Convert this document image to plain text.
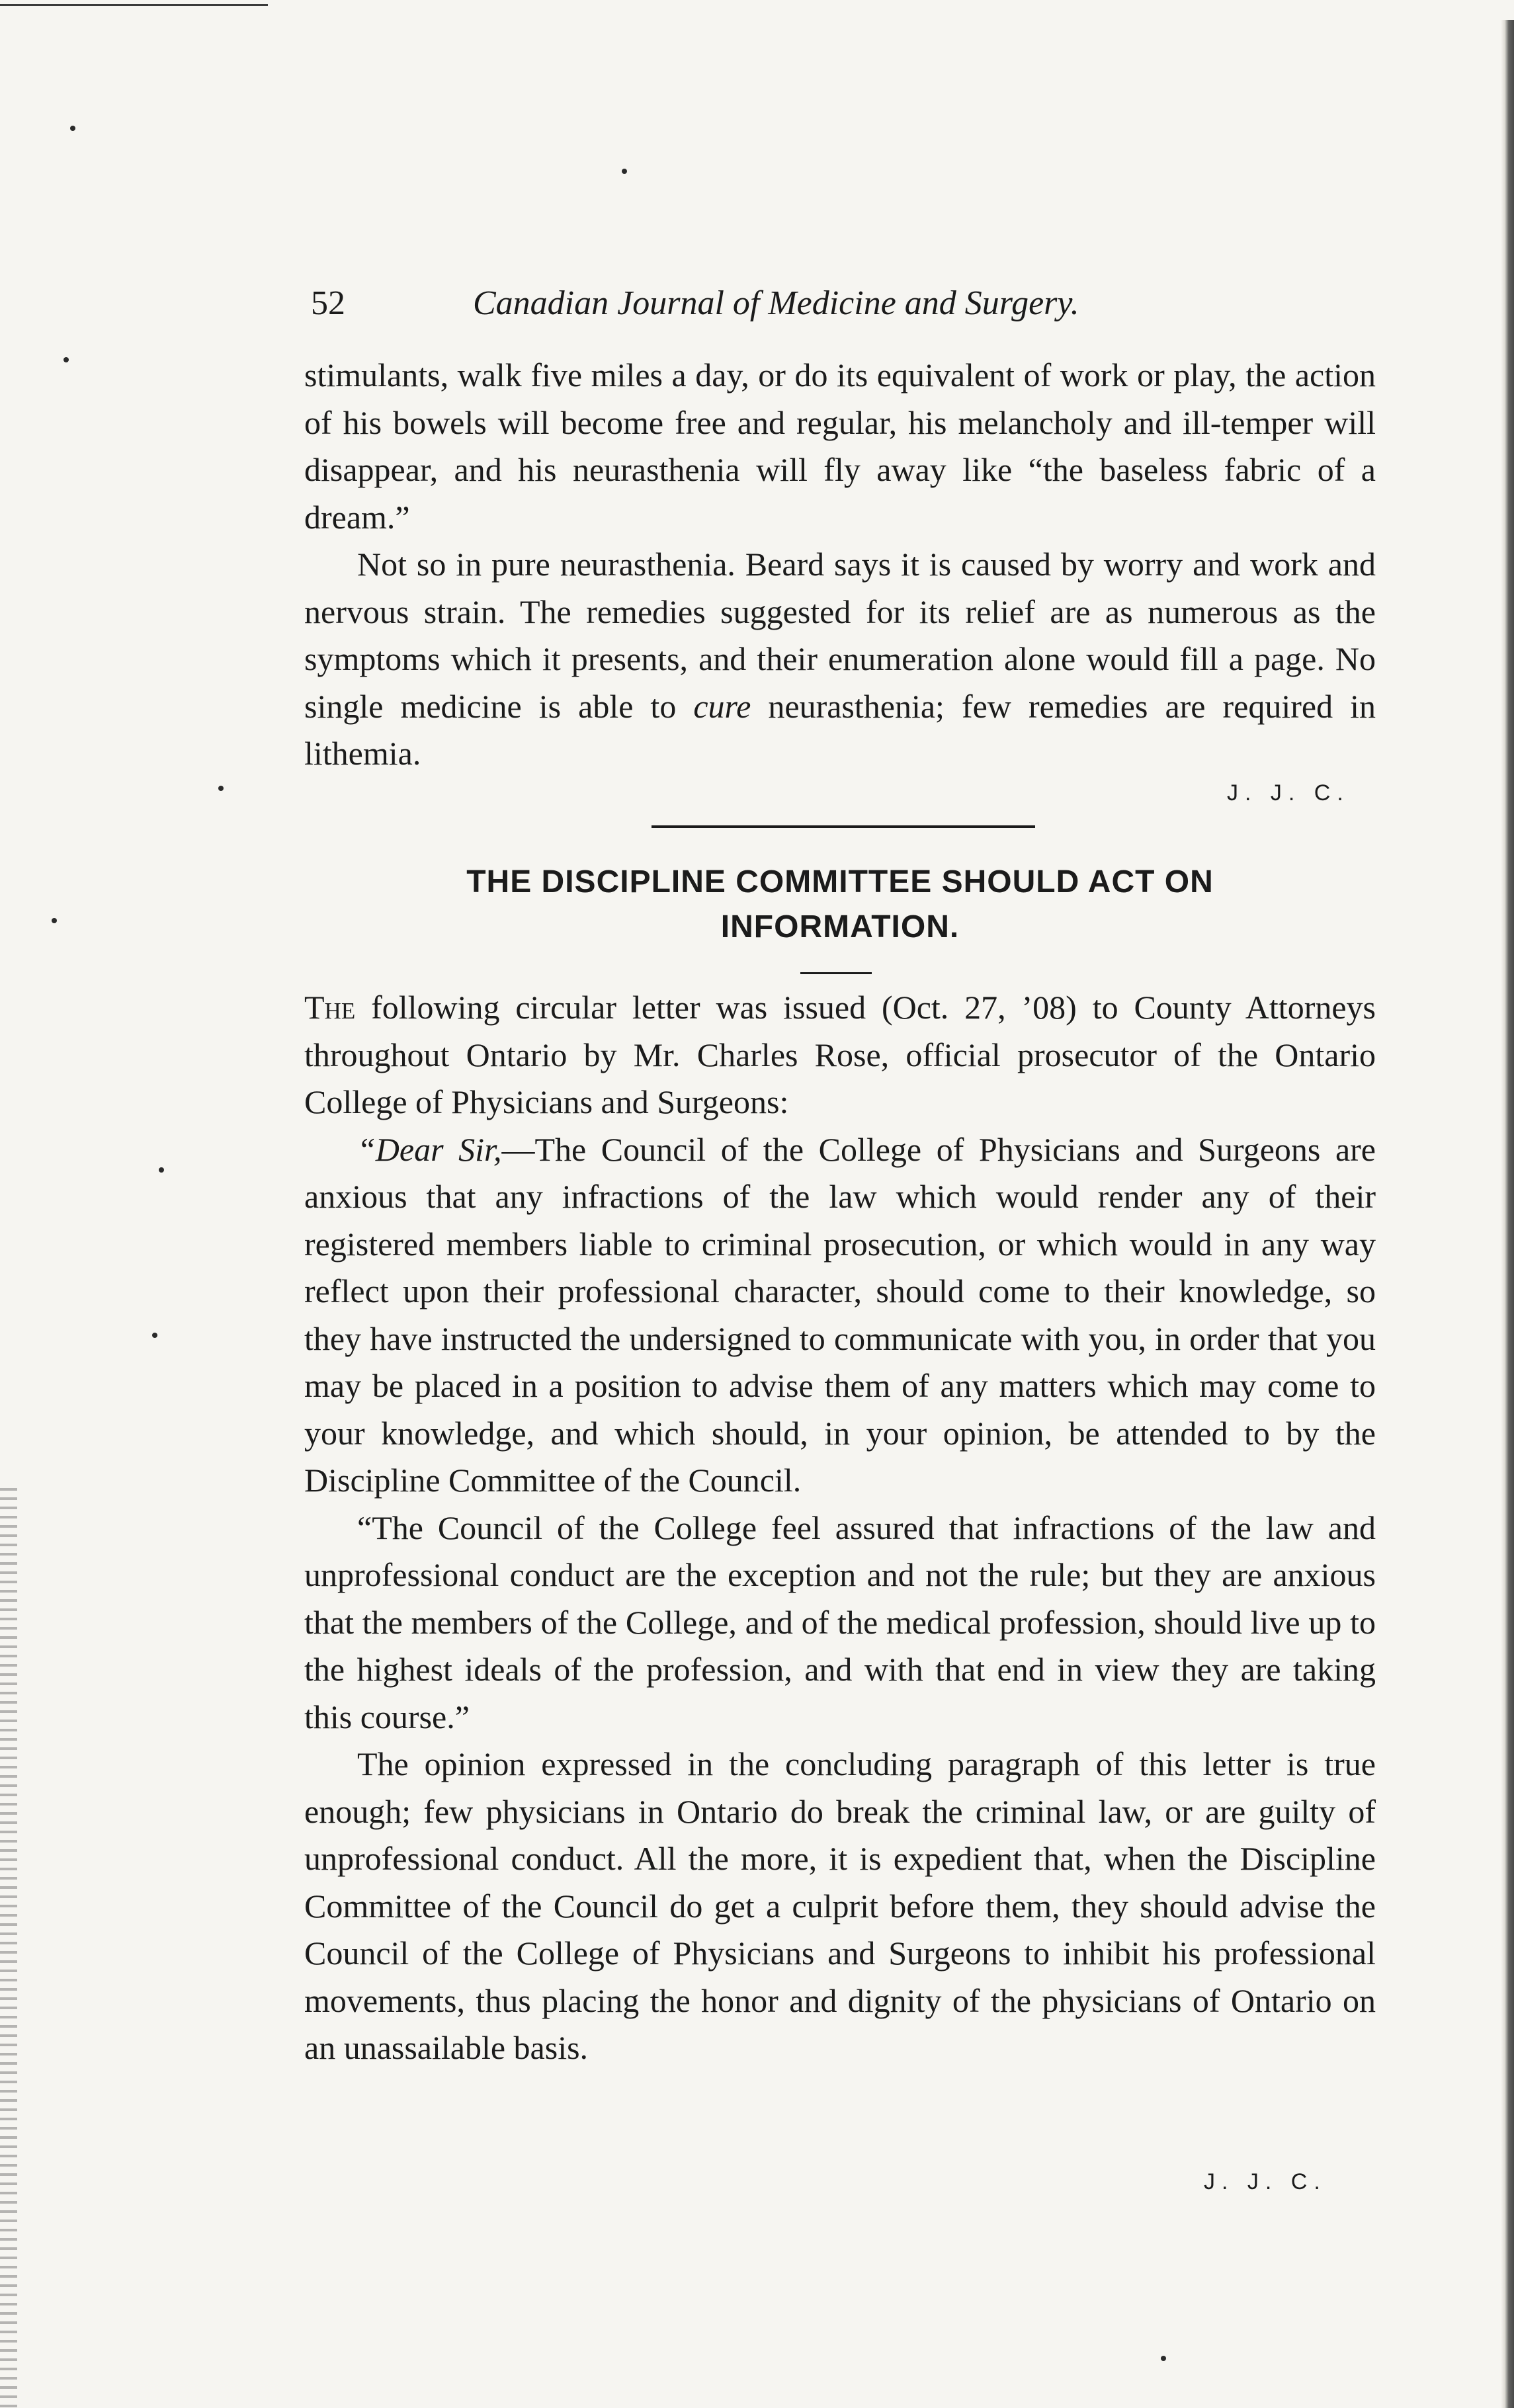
52	Canadian Journal of Medicine and Surgery.

stimulants, walk five miles a day, or do its equivalent of work or play, the action of his bowels will become free and regular, his melancholy and ill-temper will disappear, and his neurasthenia will fly away like “the baseless fabric of a dream.”

Not so in pure neurasthenia. Beard says it is caused by worry and work and nervous strain. The remedies suggested for its relief are as numerous as the symptoms which it presents, and their enumeration alone would fill a page. No single medicine is able to cure neurasthenia; few remedies are required in lithemia.

J. J. C.
THE DISCIPLINE COMMITTEE SHOULD ACT ON
INFORMATION.

The following circular letter was issued (Oct. 27, ’08) to County Attorneys throughout Ontario by Mr. Charles Rose, official prosecutor of the Ontario College of Physicians and Surgeons:

“Dear Sir,—The Council of the College of Physicians and Surgeons are anxious that any infractions of the law which would render any of their registered members liable to criminal prosecution, or which would in any way reflect upon their professional character, should come to their knowledge, so they have instructed the undersigned to communicate with you, in order that you may be placed in a position to advise them of any matters which may come to your knowledge, and which should, in your opinion, be attended to by the Discipline Committee of the Council.

“The Council of the College feel assured that infractions of the law and unprofessional conduct are the exception and not the rule; but they are anxious that the members of the College, and of the medical profession, should live up to the highest ideals of the profession, and with that end in view they are taking this course.”

The opinion expressed in the concluding paragraph of this letter is true enough; few physicians in Ontario do break the criminal law, or are guilty of unprofessional conduct. All the more, it is expedient that, when the Discipline Committee of the Council do get a culprit before them, they should advise the Council of the College of Physicians and Surgeons to inhibit his professional movements, thus placing the honor and dignity of the physicians of Ontario on an unassailable basis.

J. J. C.
